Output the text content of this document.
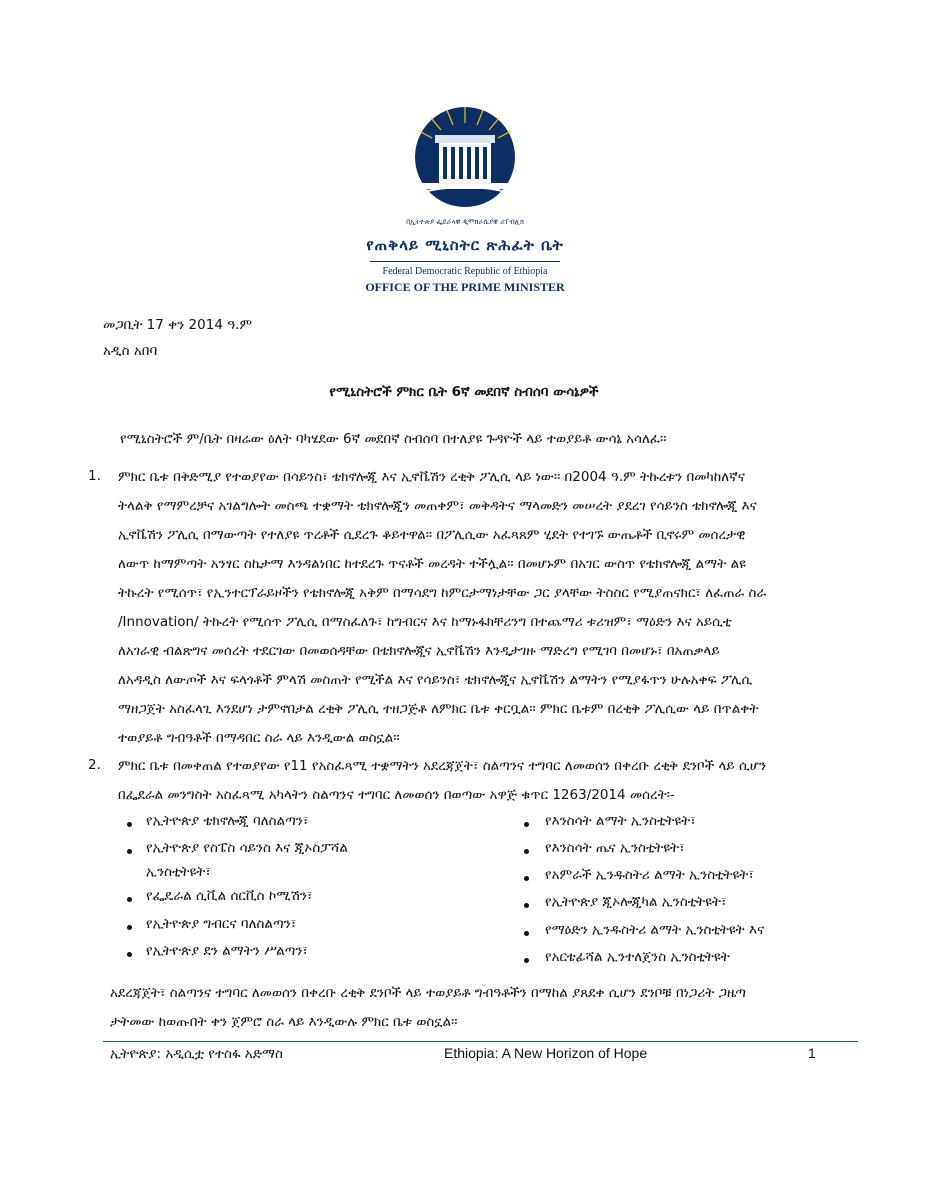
በኢትዮጵያ ፌደራላዊ ዲሞክራሲያዊ ሪፐብሊክ
የጠቅላይ ሚኒስትር ጽሕፈት ቤት
Federal Democratic Republic of Ethiopia
OFFICE OF THE PRIME MINISTER
መጋቢት 17 ቀን 2014 ዓ.ም
አዲስ አበባ
የሚኒስትሮች ምክር ቤት 6ኛ መደበኛ ስብሰባ ውሳኔዎች
የሚኒስትሮች ም/ቤት በዛሬው ዕለት ባካሄደው 6ኛ መደበኛ ስብሰባ በተለያዩ ጉዳዮች ላይ ተወያይቶ ውሳኔ አሳለፈ፡፡
1. ምክር ቤቱ በቅድሚያ የተወያየው በሳይንስ፣ ቴክኖሎጂ እና ኢኖቬሽን ረቂቅ ፖሊሲ ላይ ነው፡፡ በ2004 ዓ.ም ትኩረቱን በመካከለኛና
ትላልቅ የማምረቻና አገልግሎት መስጫ ተቋማት ቴክኖሎጂን መጠቀም፣ መቅዳትና ማላመድን መሠረት ያደረገ የሳይንስ ቴክኖሎጂ እና
ኢኖቬሽን ፖሊሲ በማውጣት የተለያዩ ጥረቶች ሲደረጉ ቆይተዋል፡፡ በፖሊሲው አፈጻጸም ሂደት የተገኙ ውጤቶች ቢኖሩም መሰረታዊ
ለውጥ ከማምጣት አንፃር ስኬታማ እንዳልነበር ከተደረጉ ጥናቶች መረዳት ተችሏል፡፡ በመሆኑም በአገር ውስጥ የቴክኖሎጂ ልማት ልዩ
ትኩረት የሚሰጥ፣ የኢንተርፕራይዞችን የቴክኖሎጂ አቅም በማሳደግ ከምርታማነታቸው ጋር ያላቸው ትስስር የሚያጠናክር፣ ለፈጠራ ስራ
/Innovation/ ትኩረት የሚሰጥ ፖሊሲ በማስፈለጉ፣ ከግብርና እና ከማኑፋክቸሪንግ በተጨማሪ ቱሪዝም፣ ማዕድን እና አይሲቲ
ለአገራዊ ብልጽግና መሰረት ተደርገው በመወሰዳቸው በቴክኖሎጂና ኢኖቬሽን እንዲታገዙ ማድረግ የሚገባ በመሆኑ፣ በአጠቃላይ
ለአዳዲስ ለውጦች እና ፍላጎቶች ምላሽ መስጠት የሚችል እና የሳይንስ፣ ቴክኖሎጂና ኢኖቬሽን ልማትን የሚያፋጥን ሁሉአቀፍ ፖሊሲ
ማዘጋጀት አስፈላጊ እንደሆነ ታምኖበታል ረቂቅ ፖሊሲ ተዘጋጅቶ ለምክር ቤቱ ቀርቧል፡፡ ምክር ቤቱም በረቂቅ ፖሊሲው ላይ በጥልቀት
ተወያይቶ ግብዓቶች በማዳበር ስራ ላይ እንዲውል ወስኗል፡፡
2. ምክር ቤቱ በመቀጠል የተወያየው የ11 የአስፈጻሚ ተቋማትን አደረጃጀት፣ ስልጣንና ተግባር ለመወሰን በቀረቡ ረቂቅ ደንቦች ላይ ሲሆን
በፌደራል መንግስት አስፈጻሚ አካላትን ስልጣንና ተግባር ለመወሰን በወጣው አዋጅ ቁጥር 1263/2014 መሰረት፡-
የኢትዮጵያ ቴክኖሎጂ ባለስልጣን፣
የኢትዮጵያ የስፔስ ሳይንስ እና ጂኦስፓሻል
ኢንስቲትዩት፣
የፌዴራል ሲቪል ሰርቪስ ኮሚሽን፣
የኢትዮጵያ ግብርና ባለስልጣን፣
የኢትዮጵያ ደን ልማትን ሥልጣን፣
የእንስሳት ልማት ኢንስቲትዩት፣
የእንስሳት ጤና ኢንስቲትዩት፣
የአምራች ኢንዱስትሪ ልማት ኢንስቲትዩት፣
የኢትዮጵያ ጂኦሎጂካል ኢንስቲትዩት፣
የማዕድን ኢንዱስትሪ ልማት ኢንስቲትዩት እና
የአርቴፊሻል ኢንተለጀንስ ኢንስቲትዩት
አደረጃጀት፣ ስልጣንና ተግባር ለመወሰን በቀረቡ ረቂቅ ደንቦች ላይ ተወያይቶ ግብዓቶችን በማከል ያጸደቀ ሲሆን ደንቦቹ በነጋሪት ጋዜጣ
ታትመው ከወጡበት ቀን ጀምሮ ስራ ላይ እንዲውሉ ምክር ቤቱ ወስኗል፡፡
ኢትዮጵያ: አዲሲቷ የተስፋ አድማስ	Ethiopia: A New Horizon of Hope	1
